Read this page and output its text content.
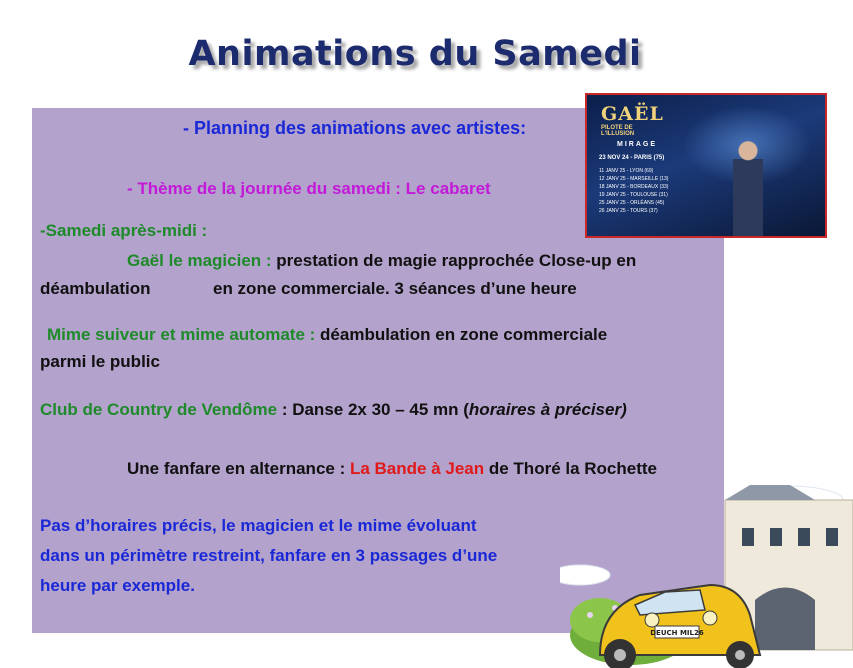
Animations du Samedi
- Planning des animations avec artistes:
- Thème de la journée du samedi : Le cabaret
-Samedi après-midi :
Gaël le magicien : prestation de magie rapprochée Close-up en
déambulation	en zone commerciale. 3 séances d’une heure
Mime suiveur et mime automate : déambulation en zone commerciale
parmi le public
Club de Country de Vendôme : Danse 2x 30 – 45 mn (horaires à préciser)
Une fanfare en alternance : La Bande à Jean de Thoré la Rochette
Pas d’horaires précis, le magicien et le mime évoluant
dans un périmètre restreint, fanfare en 3 passages d’une
heure par exemple.
GAËL
PILOTE DE L'ILLUSION
MIRAGE
23 NOV 24 - PARIS (75)
11 JANV 25 - LYON (69)
12 JANV 25 - MARSEILLE (13)
18 JANV 25 - BORDEAUX (33)
19 JANV 25 - TOULOUSE (31)
25 JANV 25 - ORLÉANS (45)
26 JANV 25 - TOURS (37)
DEUCH MIL26
